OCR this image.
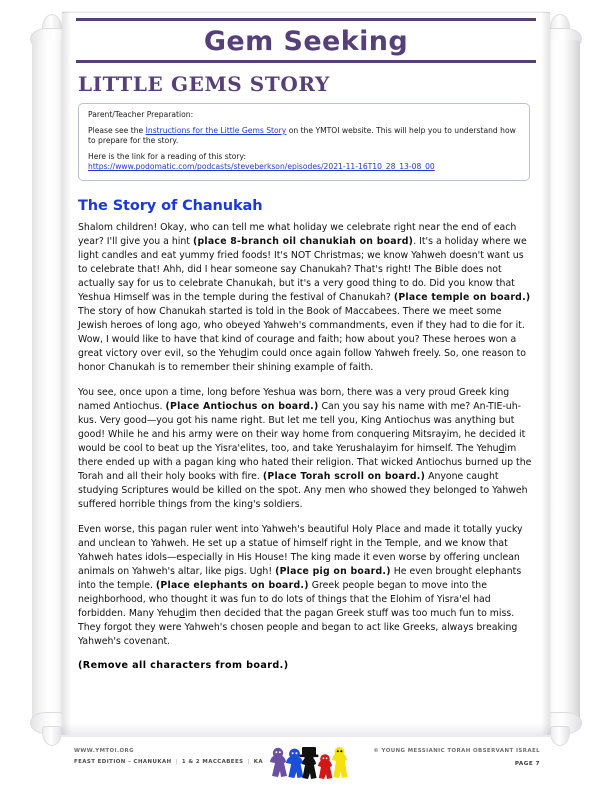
Gem Seeking
LITTLE GEMS STORY
Parent/Teacher Preparation:
Please see the Instructions for the Little Gems Story on the YMTOI website. This will help you to understand how to prepare for the story.
Here is the link for a reading of this story:
https://www.podomatic.com/podcasts/steveberkson/episodes/2021-11-16T10_28_13-08_00
The Story of Chanukah

Shalom children! Okay, who can tell me what holiday we celebrate right near the end of each year? I'll give you a hint (place 8-branch oil chanukiah on board). It's a holiday where we light candles and eat yummy fried foods! It's NOT Christmas; we know Yahweh doesn't want us to celebrate that! Ahh, did I hear someone say Chanukah? That's right! The Bible does not actually say for us to celebrate Chanukah, but it's a very good thing to do. Did you know that Yeshua Himself was in the temple during the festival of Chanukah? (Place temple on board.) The story of how Chanukah started is told in the Book of Maccabees. There we meet some Jewish heroes of long ago, who obeyed Yahweh's commandments, even if they had to die for it. Wow, I would like to have that kind of courage and faith; how about you? These heroes won a great victory over evil, so the Yehudim could once again follow Yahweh freely. So, one reason to honor Chanukah is to remember their shining example of faith.

You see, once upon a time, long before Yeshua was born, there was a very proud Greek king named Antiochus. (Place Antiochus on board.) Can you say his name with me? An-TIE-uh-kus. Very good—you got his name right. But let me tell you, King Antiochus was anything but good! While he and his army were on their way home from conquering Mitsrayim, he decided it would be cool to beat up the Yisra'elites, too, and take Yerushalayim for himself. The Yehudim there ended up with a pagan king who hated their religion. That wicked Antiochus burned up the Torah and all their holy books with fire. (Place Torah scroll on board.) Anyone caught studying Scriptures would be killed on the spot. Any men who showed they belonged to Yahweh suffered horrible things from the king's soldiers.

Even worse, this pagan ruler went into Yahweh's beautiful Holy Place and made it totally yucky and unclean to Yahweh. He set up a statue of himself right in the Temple, and we know that Yahweh hates idols—especially in His House! The king made it even worse by offering unclean animals on Yahweh's altar, like pigs. Ugh! (Place pig on board.) He even brought elephants into the temple. (Place elephants on board.) Greek people began to move into the neighborhood, who thought it was fun to do lots of things that the Elohim of Yisra'el had forbidden. Many Yehudim then decided that the pagan Greek stuff was too much fun to miss. They forgot they were Yahweh's chosen people and began to act like Greeks, always breaking Yahweh's covenant.

(Remove all characters from board.)
WWW.YMTOI.ORG
FEAST EDITION – CHANUKAH | 1 & 2 MACCABEES | KA
© YOUNG MESSIANIC TORAH OBSERVANT ISRAEL
PAGE 7
